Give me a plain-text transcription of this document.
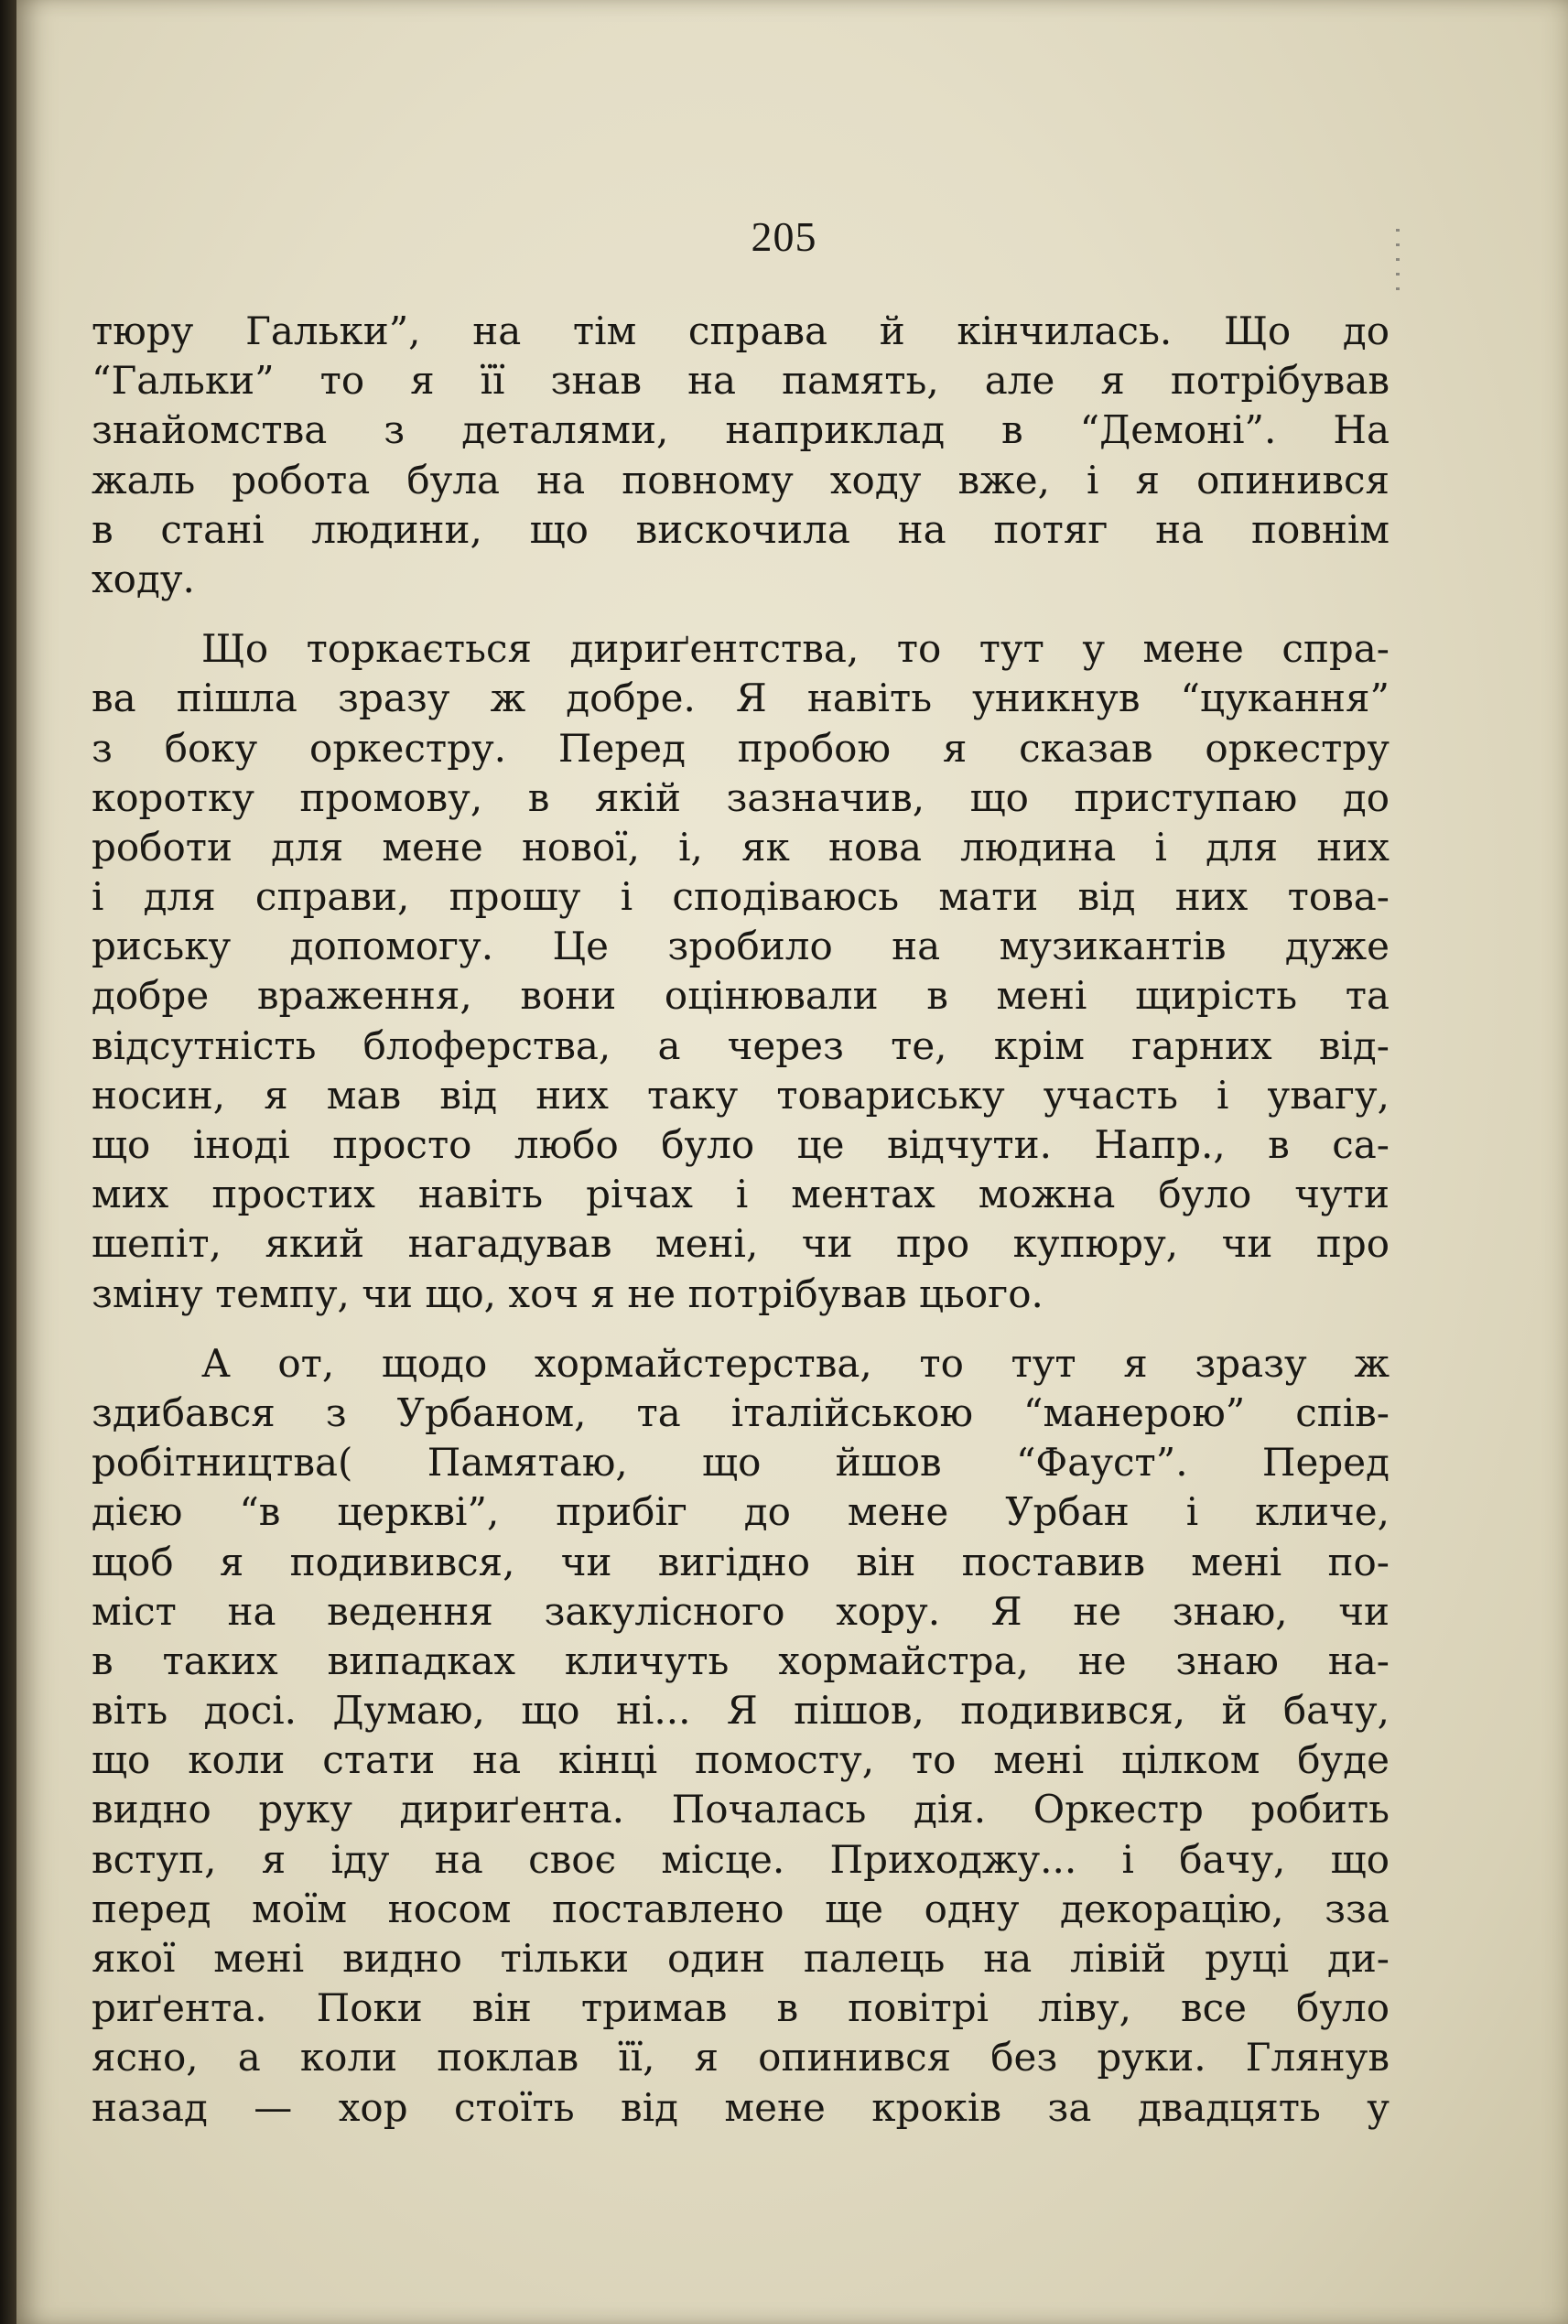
205
тюру Гальки”, на тім справа й кінчилась. Що до
“Гальки” то я її знав на память, але я потрібував
знайомства з деталями, наприклад в “Демоні”. На
жаль робота була на повному ходу вже, і я опинився
в стані людини, що вискочила на потяг на повнім
ходу.
Що торкається дириґентства, то тут у мене спра-
ва пішла зразу ж добре. Я навіть уникнув “цукання”
з боку оркестру. Перед пробою я сказав оркестру
коротку промову, в якій зазначив, що приступаю до
роботи для мене нової, і, як нова людина і для них
і для справи, прошу і сподіваюсь мати від них това-
риську допомогу. Це зробило на музикантів дуже
добре враження, вони оцінювали в мені щирість та
відсутність блоферства, а через те, крім гарних від-
носин, я мав від них таку товариську участь і увагу,
що іноді просто любо було це відчути. Напр., в са-
мих простих навіть річах і ментах можна було чути
шепіт, який нагадував мені, чи про купюру, чи про
зміну темпу, чи що, хоч я не потрібував цього.
А от, щодо хормайстерства, то тут я зразу ж
здибався з Урбаном, та італійською “манерою” спів-
робітництва( Памятаю, що йшов “Фауст”. Перед
дією “в церкві”, прибіг до мене Урбан і кличе,
щоб я подивився, чи вигідно він поставив мені по-
міст на ведення закулісного хору. Я не знаю, чи
в таких випадках кличуть хормайстра, не знаю на-
віть досі. Думаю, що ні... Я пішов, подивився, й бачу,
що коли стати на кінці помосту, то мені цілком буде
видно руку дириґента. Почалась дія. Оркестр робить
вступ, я іду на своє місце. Приходжу... і бачу, що
перед моїм носом поставлено ще одну декорацію, зза
якої мені видно тільки один палець на лівій руці ди-
риґента. Поки він тримав в повітрі ліву, все було
ясно, а коли поклав її, я опинився без руки. Глянув
назад — хор стоїть від мене кроків за двадцять у
